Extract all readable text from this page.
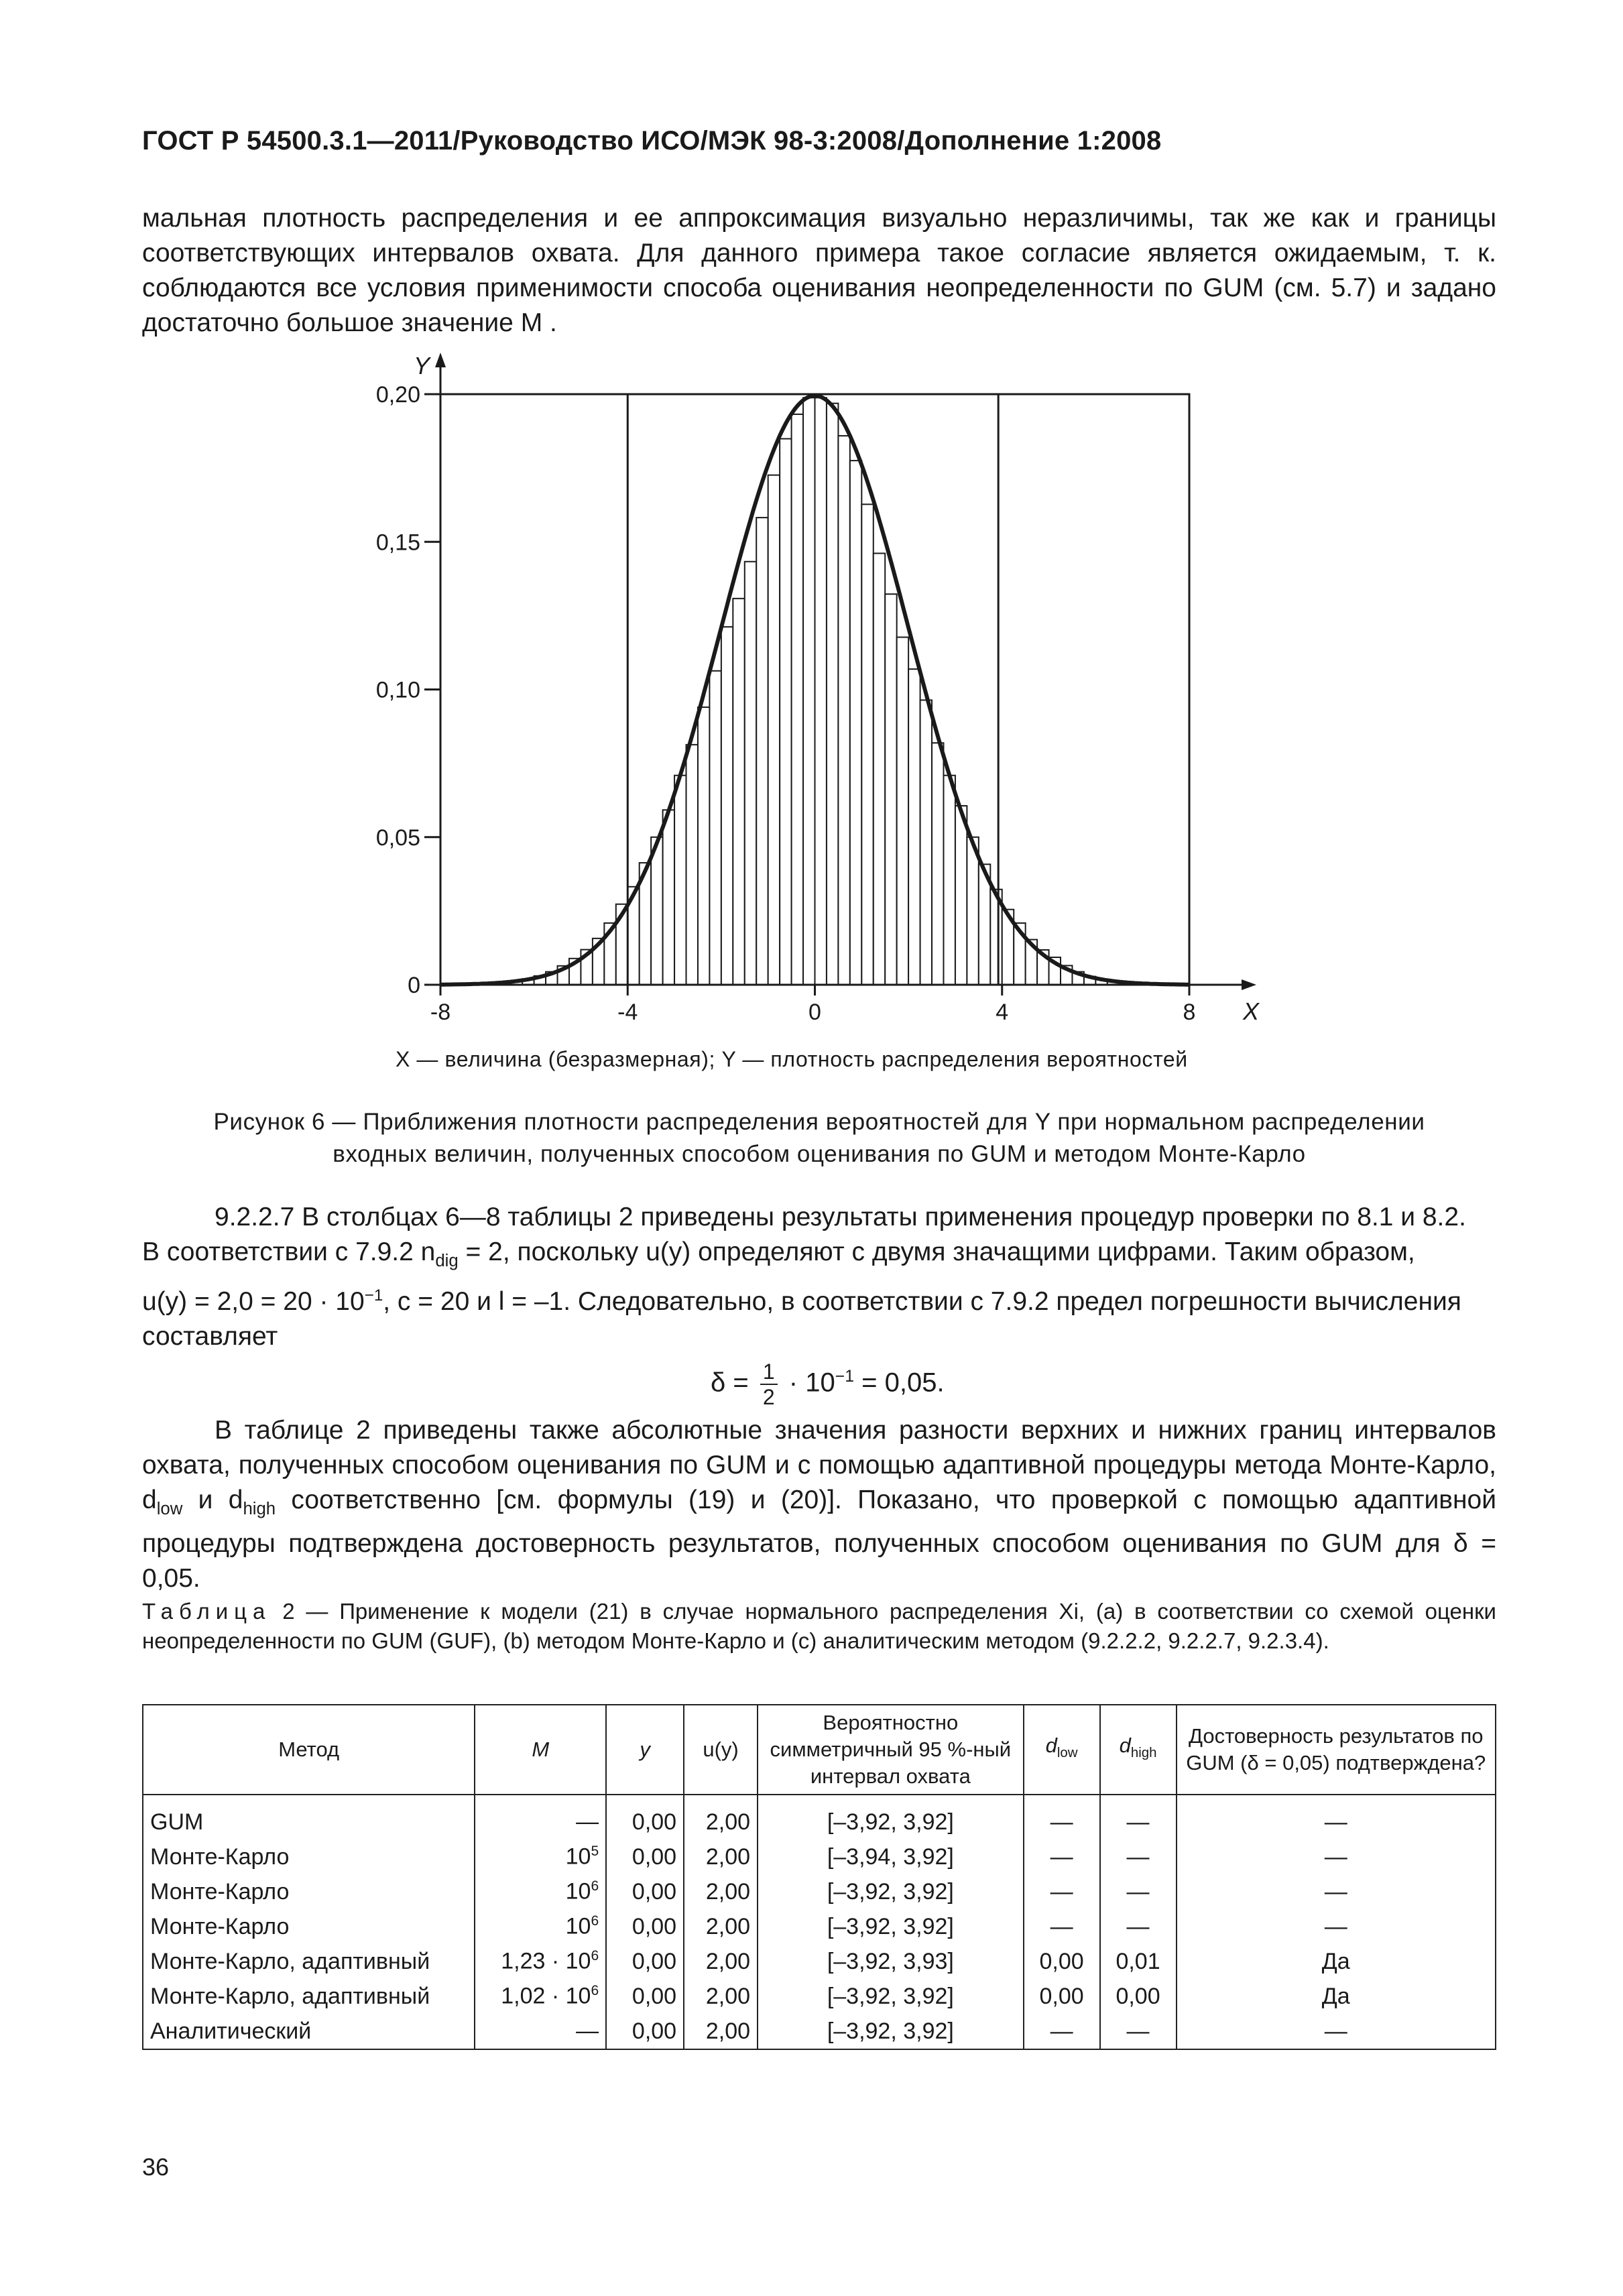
ГОСТ Р 54500.3.1—2011/Руководство ИСО/МЭК 98-3:2008/Дополнение 1:2008
мальная плотность распределения и ее аппроксимация визуально неразличимы, так же как и границы соответствующих интервалов охвата. Для данного примера такое согласие является ожидаемым, т. к. соблюдаются все условия применимости способа оценивания неопределенности по GUM (см. 5.7) и задано достаточно большое значение M .
0
0,05
0,10
0,15
0,20
-8	-4	0	4	8 X
Y
X — величина (безразмерная); Y — плотность распределения вероятностей
Рисунок 6 — Приближения плотности распределения вероятностей для Y при нормальном распределении
входных величин, полученных способом оценивания по GUM и методом Монте-Карло
9.2.2.7 В столбцах 6—8 таблицы 2 приведены результаты применения процедур проверки по 8.1 и 8.2.
В соответствии с 7.9.2 $n_{dig} = 2$, поскольку u(y) определяют с двумя значащими цифрами. Таким образом,
$u(y) = 2,0 = 20 \cdot 10^{-1}$, c = 20 и l = –1. Следовательно, в соответствии с 7.9.2 предел погрешности вычисления
составляет
$\delta = \frac{1}{2} \cdot 10^{-1} = 0,05$.
В таблице 2 приведены также абсолютные значения разности верхних и нижних границ интервалов охвата, полученных способом оценивания по GUM и с помощью адаптивной процедуры метода Монте-Карло, $d_{low}$ и $d_{high}$ соответственно [см. формулы (19) и (20)]. Показано, что проверкой с помощью адаптивной процедуры подтверждена достоверность результатов, полученных способом оценивания по GUM для δ = 0,05.
Таблица 2 — Применение к модели (21) в случае нормального распределения Xi, (a) в соответствии со схемой оценки неопределенности по GUM (GUF), (b) методом Монте-Карло и (c) аналитическим методом (9.2.2.2, 9.2.2.7, 9.2.3.4).
Метод	M	y	u(y)	Вероятностно симметричный 95 %-ный интервал охвата	$d_{low}$	$d_{high}$	Достоверность результатов по GUM (δ = 0,05) подтверждена?

GUM	—	0,00	2,00	[–3,92, 3,92]	—	—	—
Монте-Карло	$10^5$	0,00	2,00	[–3,94, 3,92]	—	—	—
Монте-Карло	$10^6$	0,00	2,00	[–3,92, 3,92]	—	—	—
Монте-Карло	$10^6$	0,00	2,00	[–3,92, 3,92]	—	—	—
Монте-Карло, адаптивный	$1,23 \cdot 10^6$	0,00	2,00	[–3,92, 3,93]	0,00	0,01	Да
Монте-Карло, адаптивный	$1,02 \cdot 10^6$	0,00	2,00	[–3,92, 3,92]	0,00	0,00	Да
Аналитический	—	0,00	2,00	[–3,92, 3,92]	—	—	—
36
